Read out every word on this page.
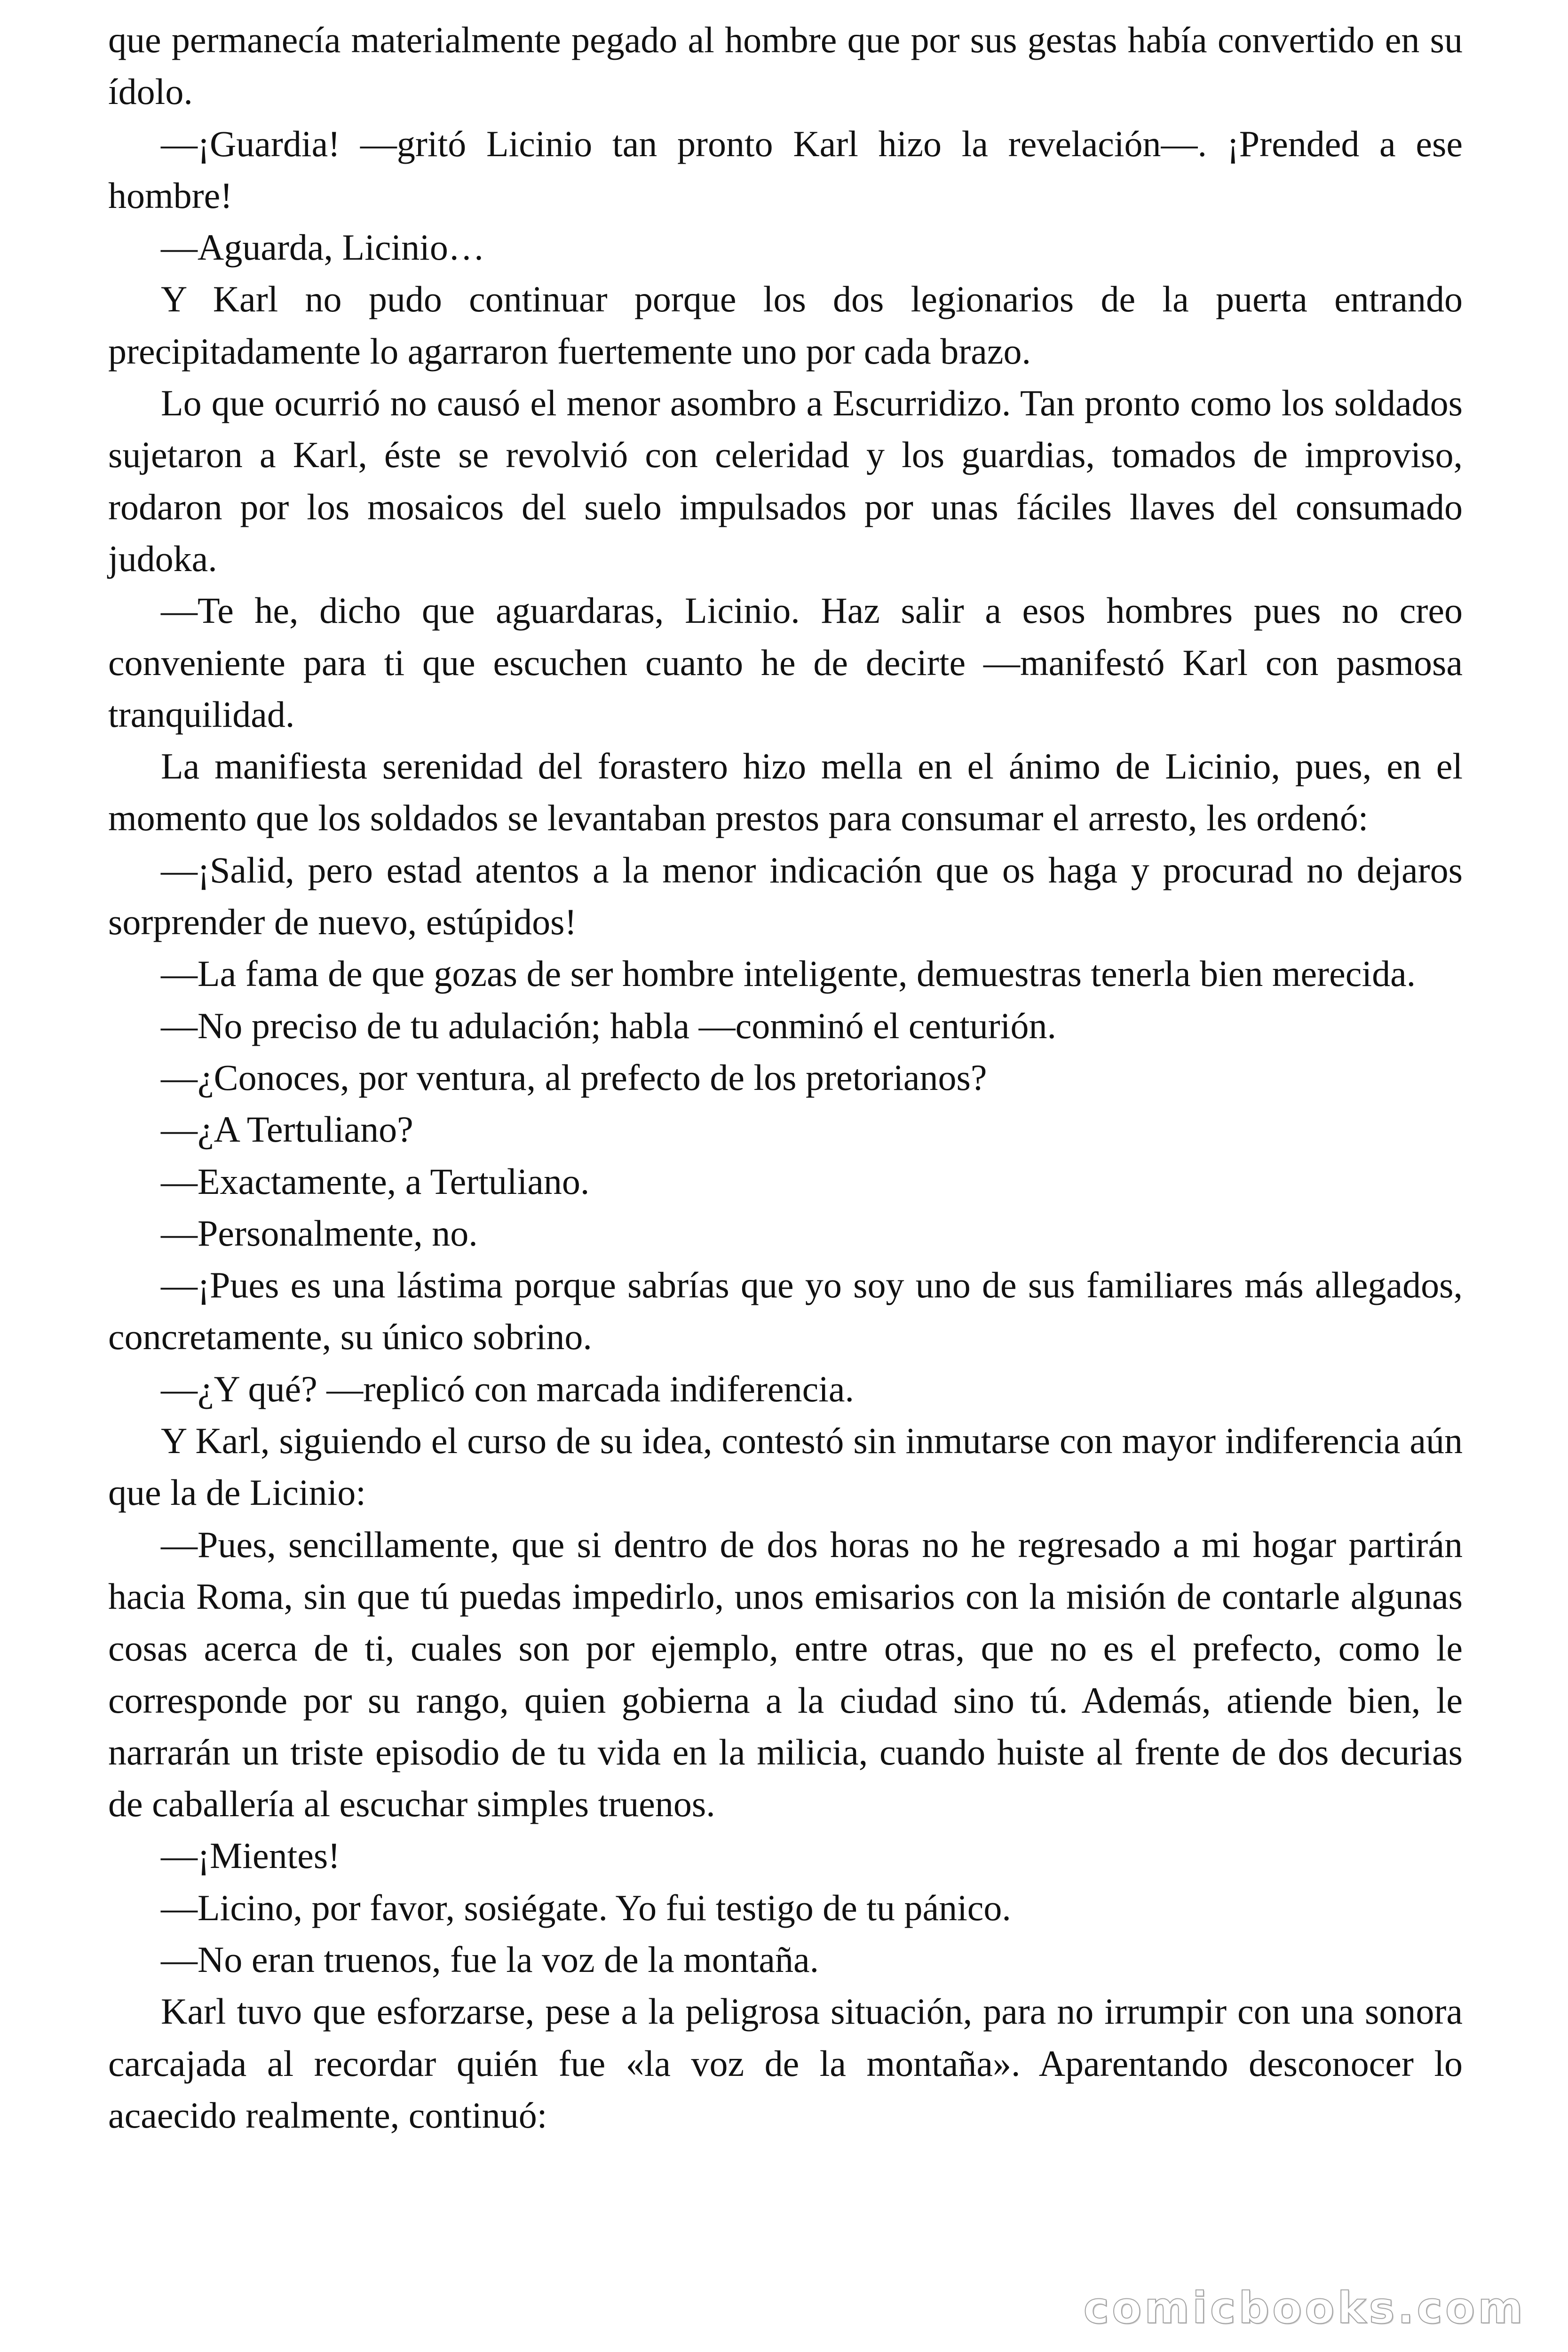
que permanecía materialmente pegado al hombre que por sus gestas había convertido en su ídolo.

—¡Guardia! —gritó Licinio tan pronto Karl hizo la revelación—. ¡Prended a ese hombre!

—Aguarda, Licinio…

Y Karl no pudo continuar porque los dos legionarios de la puerta entrando precipitadamente lo agarraron fuertemente uno por cada brazo.

Lo que ocurrió no causó el menor asombro a Escurridizo. Tan pronto como los soldados sujetaron a Karl, éste se revolvió con celeridad y los guardias, tomados de improviso, rodaron por los mosaicos del suelo impulsados por unas fáciles llaves del consumado judoka.

—Te he, dicho que aguardaras, Licinio. Haz salir a esos hombres pues no creo conveniente para ti que escuchen cuanto he de decirte —manifestó Karl con pasmosa tranquilidad.

La manifiesta serenidad del forastero hizo mella en el ánimo de Licinio, pues, en el momento que los soldados se levantaban prestos para consumar el arresto, les ordenó:

—¡Salid, pero estad atentos a la menor indicación que os haga y procurad no dejaros sorprender de nuevo, estúpidos!

—La fama de que gozas de ser hombre inteligente, demuestras tenerla bien merecida.

—No preciso de tu adulación; habla —conminó el centurión.

—¿Conoces, por ventura, al prefecto de los pretorianos?

—¿A Tertuliano?

—Exactamente, a Tertuliano.

—Personalmente, no.

—¡Pues es una lástima porque sabrías que yo soy uno de sus familiares más allegados, concretamente, su único sobrino.

—¿Y qué? —replicó con marcada indiferencia.

Y Karl, siguiendo el curso de su idea, contestó sin inmutarse con mayor indiferencia aún que la de Licinio:

—Pues, sencillamente, que si dentro de dos horas no he regresado a mi hogar partirán hacia Roma, sin que tú puedas impedirlo, unos emisarios con la misión de contarle algunas cosas acerca de ti, cuales son por ejemplo, entre otras, que no es el prefecto, como le corresponde por su rango, quien gobierna a la ciudad sino tú. Además, atiende bien, le narrarán un triste episodio de tu vida en la milicia, cuando huiste al frente de dos decurias de caballería al escuchar simples truenos.

—¡Mientes!

—Licino, por favor, sosiégate. Yo fui testigo de tu pánico.

—No eran truenos, fue la voz de la montaña.

Karl tuvo que esforzarse, pese a la peligrosa situación, para no irrumpir con una sonora carcajada al recordar quién fue «la voz de la montaña». Aparentando desconocer lo acaecido realmente, continuó:

comicbooks.com
